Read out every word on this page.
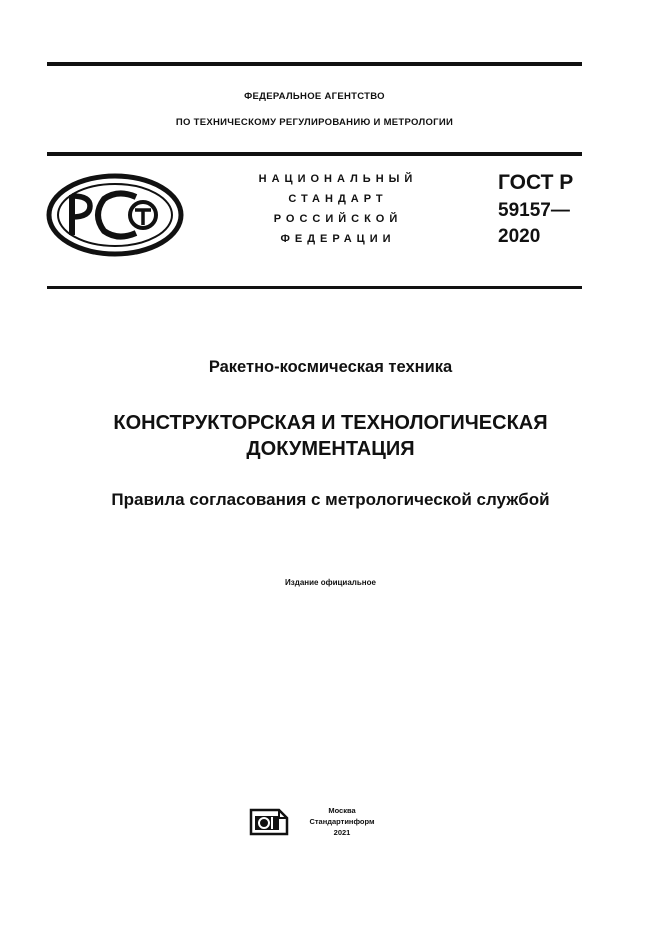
ФЕДЕРАЛЬНОЕ АГЕНТСТВО
ПО ТЕХНИЧЕСКОМУ РЕГУЛИРОВАНИЮ И МЕТРОЛОГИИ
НАЦИОНАЛЬНЫЙ
СТАНДАРТ
РОССИЙСКОЙ
ФЕДЕРАЦИИ
ГОСТ Р
59157—
2020
Ракетно-космическая техника
КОНСТРУКТОРСКАЯ И ТЕХНОЛОГИЧЕСКАЯ
ДОКУМЕНТАЦИЯ
Правила согласования с метрологической службой
Издание официальное
Москва
Стандартинформ
2021
